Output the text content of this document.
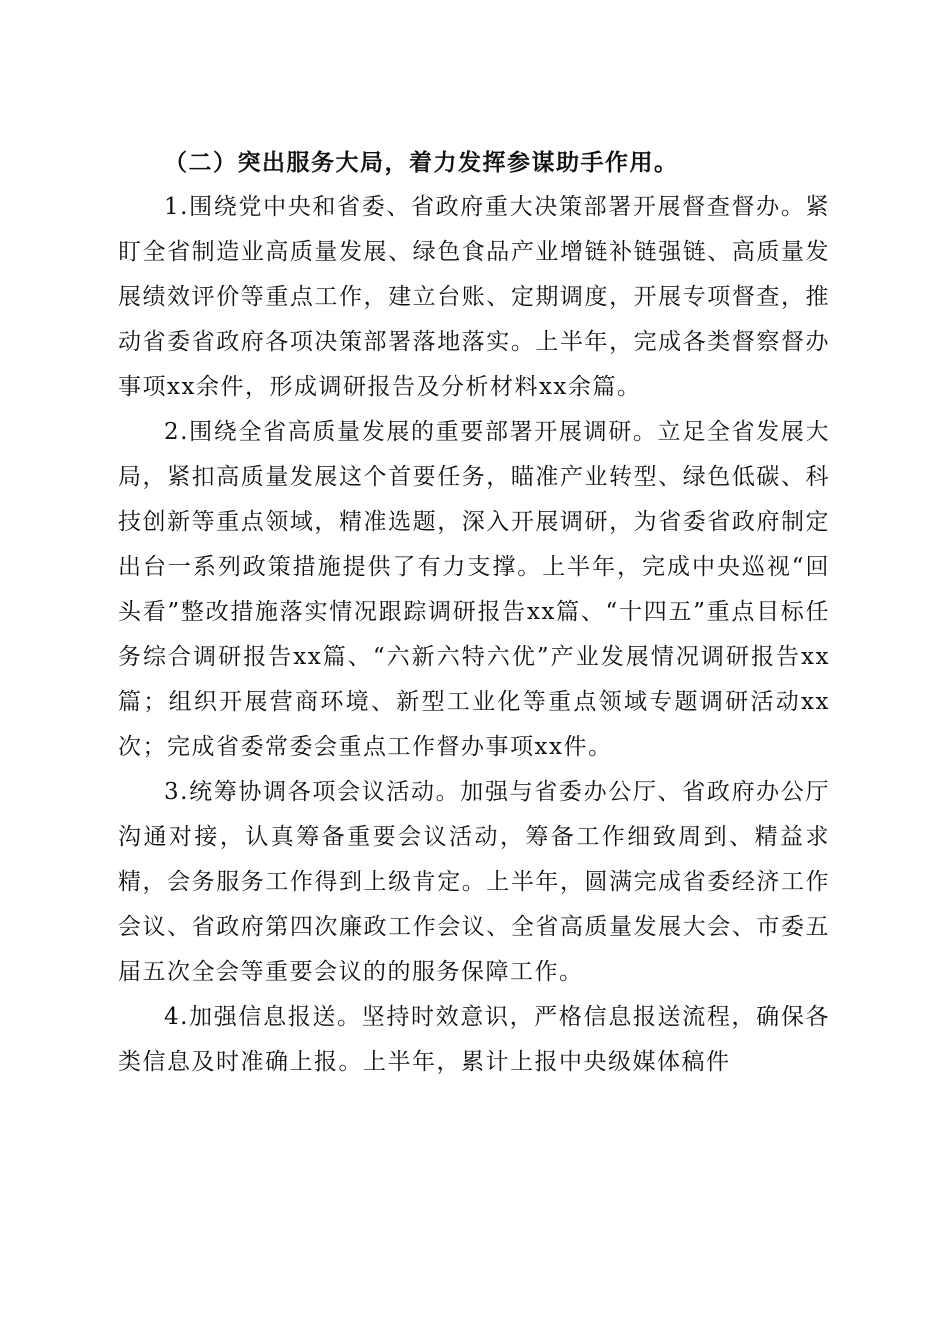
（二）突出服务大局，着力发挥参谋助手作用。

1.围绕党中央和省委、省政府重大决策部署开展督查督办。紧盯全省制造业高质量发展、绿色食品产业增链补链强链、高质量发展绩效评价等重点工作，建立台账、定期调度，开展专项督查，推动省委省政府各项决策部署落地落实。上半年，完成各类督察督办事项xx余件，形成调研报告及分析材料xx余篇。

2.围绕全省高质量发展的重要部署开展调研。立足全省发展大局，紧扣高质量发展这个首要任务，瞄准产业转型、绿色低碳、科技创新等重点领域，精准选题，深入开展调研，为省委省政府制定出台一系列政策措施提供了有力支撑。上半年，完成中央巡视“回头看”整改措施落实情况跟踪调研报告xx篇、“十四五”重点目标任务综合调研报告xx篇、“六新六特六优”产业发展情况调研报告xx篇；组织开展营商环境、新型工业化等重点领域专题调研活动xx次；完成省委常委会重点工作督办事项xx件。

3.统筹协调各项会议活动。加强与省委办公厅、省政府办公厅沟通对接，认真筹备重要会议活动，筹备工作细致周到、精益求精，会务服务工作得到上级肯定。上半年，圆满完成省委经济工作会议、省政府第四次廉政工作会议、全省高质量发展大会、市委五届五次全会等重要会议的的服务保障工作。

4.加强信息报送。坚持时效意识，严格信息报送流程，确保各类信息及时准确上报。上半年，累计上报中央级媒体稿件
